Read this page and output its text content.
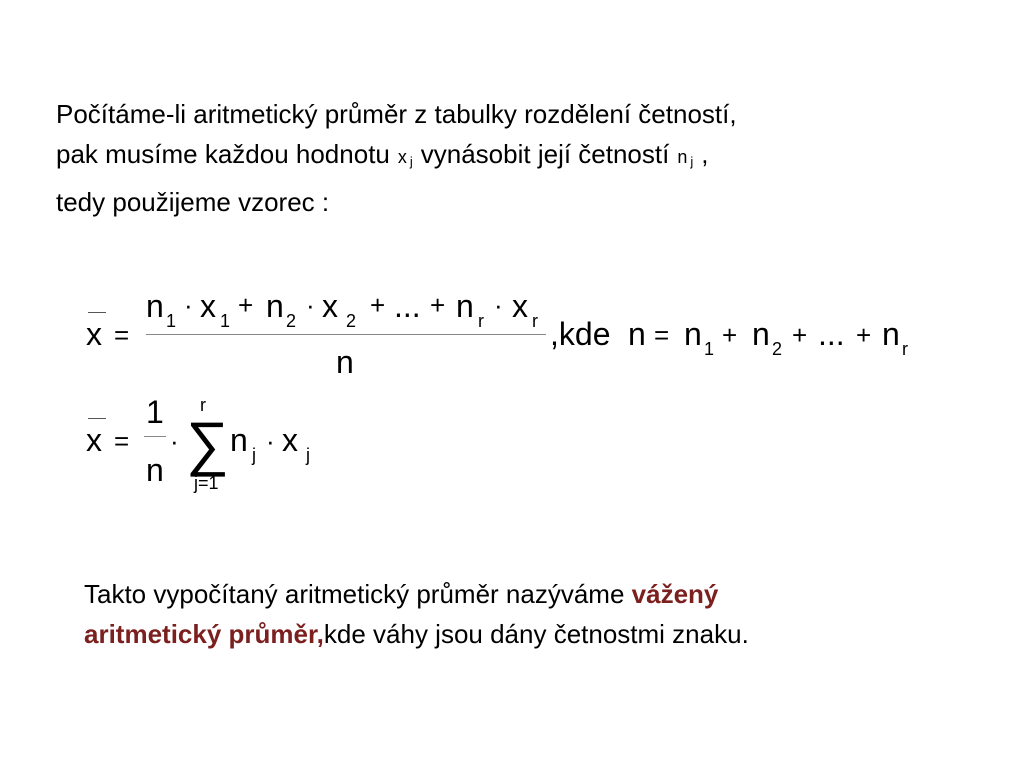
Počítáme-li aritmetický průměr z tabulky rozdělení četností,
pak musíme každou hodnotu x $_j$ vynásobit její četností n $_j$ ,
tedy použijeme vzorec :

x =
n 1
· x 1
+ n 2
· x 2
+ ... + n r
· x r
n
,kde n = n 1 + n 2 + ... + n r
x =
1
n
·
r
∑
j=1
n j · x j

Takto vypočítaný aritmetický průměr nazýváme vážený
aritmetický průměr,kde váhy jsou dány četnostmi znaku.
